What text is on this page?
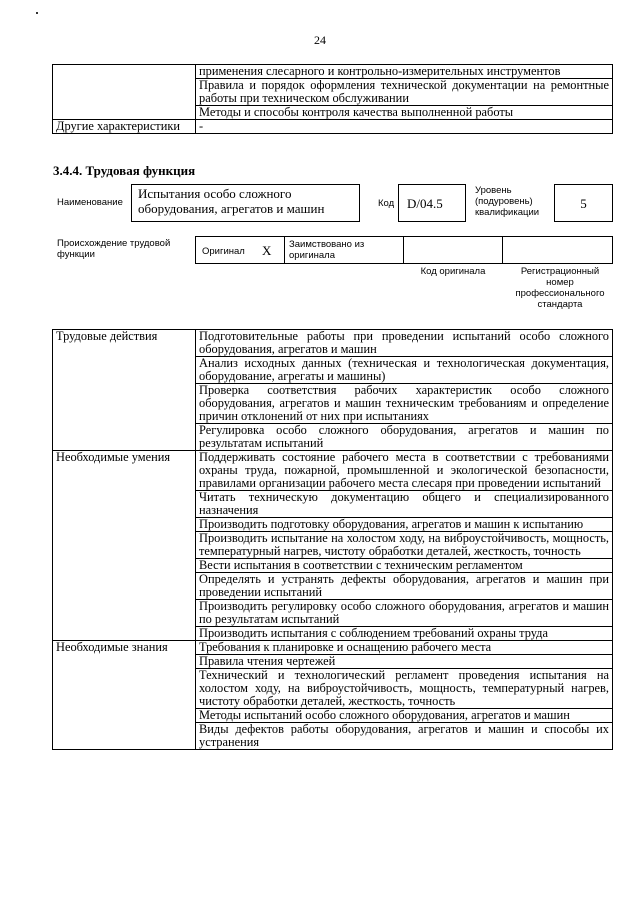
24
	применения слесарного и контрольно-измерительных инструментов
	Правила и порядок оформления технической документации на ремонтные работы при техническом обслуживании
	Методы и способы контроля качества выполненной работы
Другие характеристики	-
3.4.4. Трудовая функция
Наименование
Испытания особо сложного оборудования, агрегатов и машин	Код D/04.5
Уровень (подуровень) квалификации
5
Происхождение трудовой функции	Оригинал X Заимствовано из оригинала
Код оригинала	Регистрационный номер профессионального стандарта
Трудовые действия	Подготовительные работы при проведении испытаний особо сложного оборудования, агрегатов и машин
	Анализ исходных данных (техническая и технологическая документация, оборудование, агрегаты и машины)
	Проверка соответствия рабочих характеристик особо сложного оборудования, агрегатов и машин техническим требованиям и определение причин отклонений от них при испытаниях
	Регулировка особо сложного оборудования, агрегатов и машин по результатам испытаний
Необходимые умения	Поддерживать состояние рабочего места в соответствии с требованиями охраны труда, пожарной, промышленной и экологической безопасности, правилами организации рабочего места слесаря при проведении испытаний
	Читать техническую документацию общего и специализированного назначения
	Производить подготовку оборудования, агрегатов и машин к испытанию
	Производить испытание на холостом ходу, на виброустойчивость, мощность, температурный нагрев, чистоту обработки деталей, жесткость, точность
	Вести испытания в соответствии с техническим регламентом
	Определять и устранять дефекты оборудования, агрегатов и машин при проведении испытаний
	Производить регулировку особо сложного оборудования, агрегатов и машин по результатам испытаний
	Производить испытания с соблюдением требований охраны труда
Необходимые знания	Требования к планировке и оснащению рабочего места
	Правила чтения чертежей
	Технический и технологический регламент проведения испытания на холостом ходу, на виброустойчивость, мощность, температурный нагрев, чистоту обработки деталей, жесткость, точность
	Методы испытаний особо сложного оборудования, агрегатов и машин
	Виды дефектов работы оборудования, агрегатов и машин и способы их устранения
